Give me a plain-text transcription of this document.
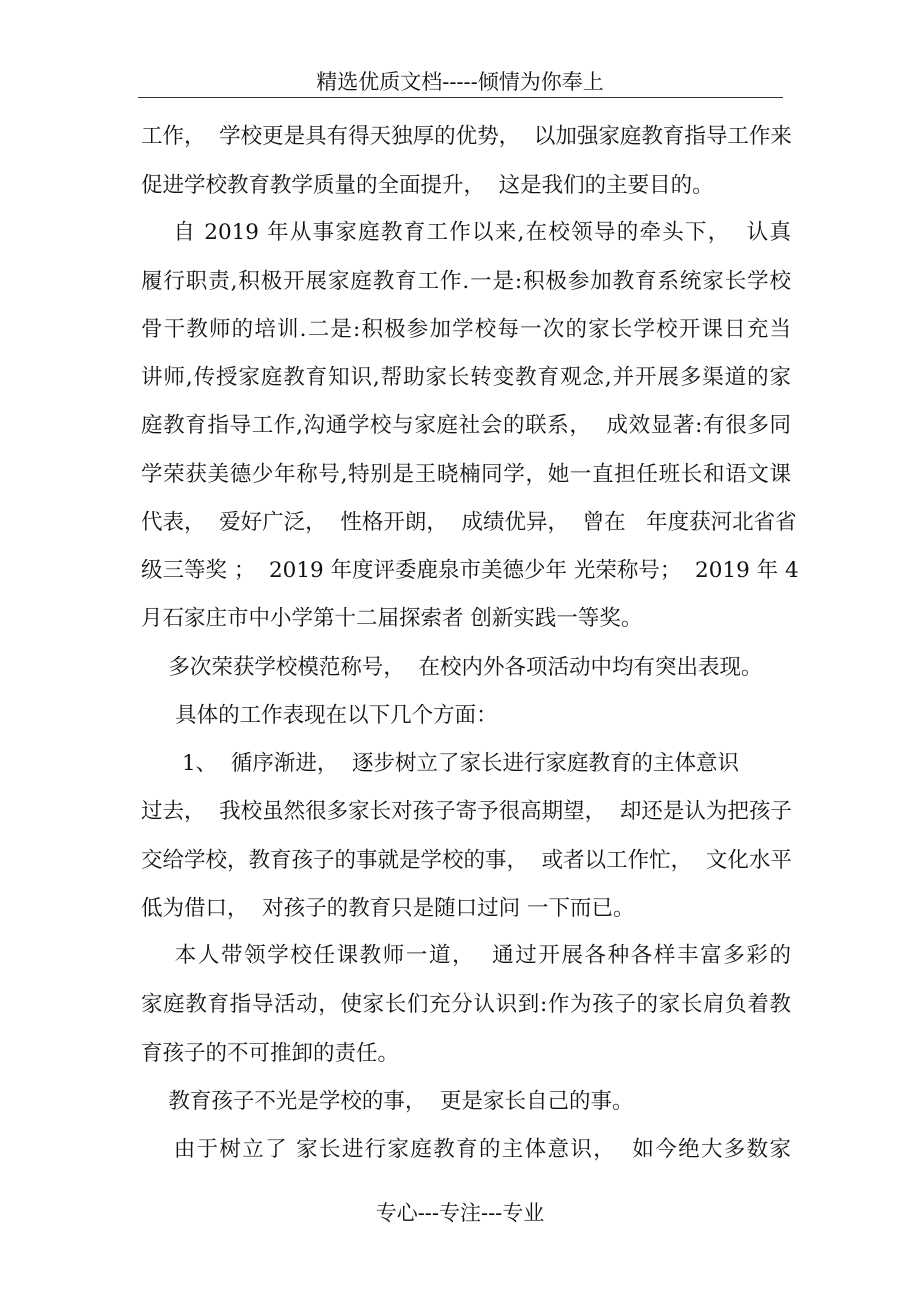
精选优质文档-----倾情为你奉上
工作，  学校更是具有得天独厚的优势，  以加强家庭教育指导工作来
促进学校教育教学质量的全面提升，  这是我们的主要目的。
自 2019 年从事家庭教育工作以来,在校领导的牵头下，  认真
履行职责,积极开展家庭教育工作.一是:积极参加教育系统家长学校
骨干教师的培训.二是:积极参加学校每一次的家长学校开课日充当
讲师,传授家庭教育知识,帮助家长转变教育观念,并开展多渠道的家
庭教育指导工作,沟通学校与家庭社会的联系，  成效显著:有很多同
学荣获美德少年称号,特别是王晓楠同学，她一直担任班长和语文课
代表，  爱好广泛，  性格开朗，  成绩优异，  曾在   年度获河北省省
级三等奖 ；  2019 年度评委鹿泉市美德少年 光荣称号；  2019 年 4
月石家庄市中小学第十二届探索者 创新实践一等奖。
多次荣获学校模范称号，  在校内外各项活动中均有突出表现。
具体的工作表现在以下几个方面：
1、  循序渐进，  逐步树立了家长进行家庭教育的主体意识
过去，  我校虽然很多家长对孩子寄予很高期望，  却还是认为把孩子
交给学校，教育孩子的事就是学校的事，  或者以工作忙，  文化水平
低为借口，  对孩子的教育只是随口过问 一下而已。
本人带领学校任课教师一道，  通过开展各种各样丰富多彩的
家庭教育指导活动，使家长们充分认识到:作为孩子的家长肩负着教
育孩子的不可推卸的责任。
教育孩子不光是学校的事，  更是家长自己的事。
由于树立了 家长进行家庭教育的主体意识，  如今绝大多数家
专心---专注---专业
